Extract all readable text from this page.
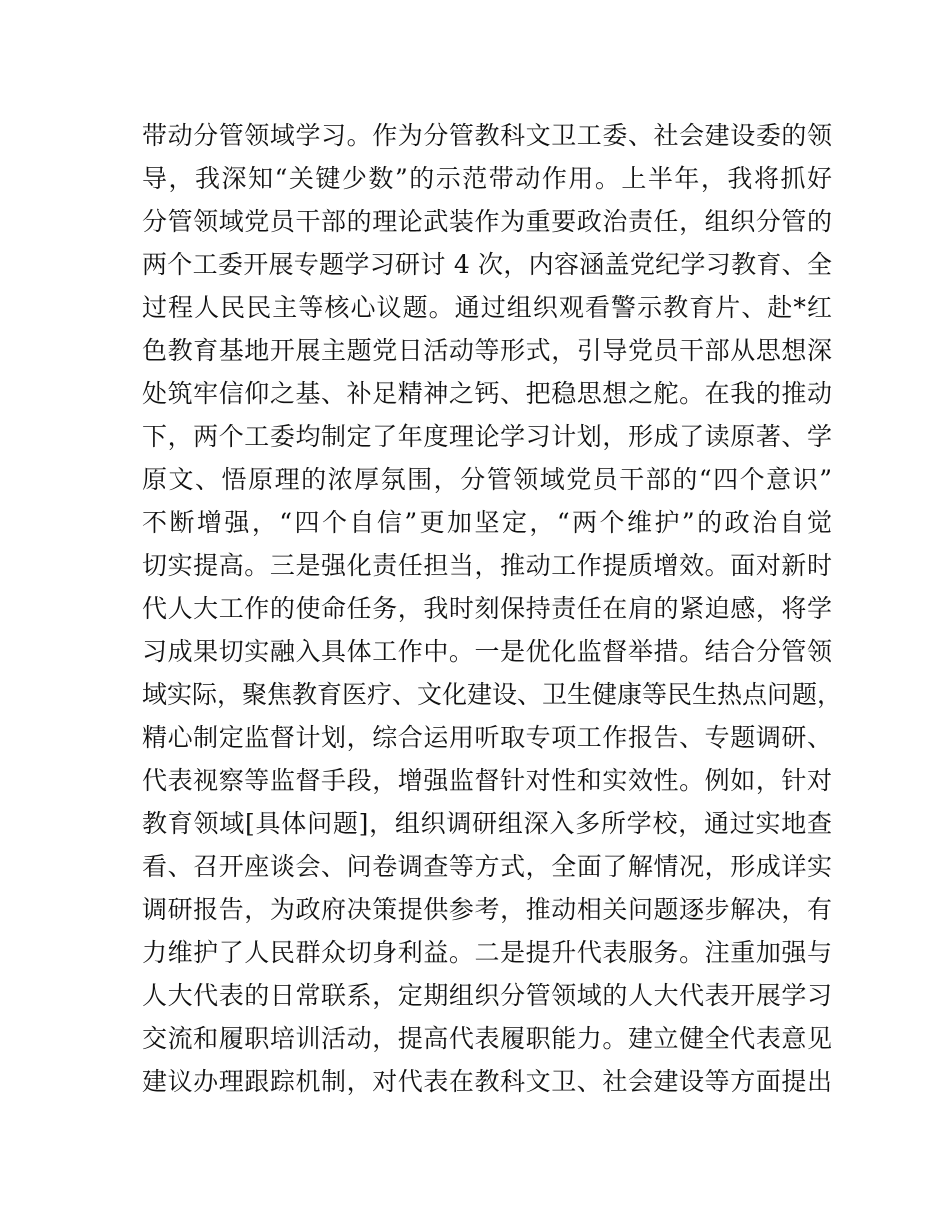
带动分管领域学习。作为分管教科文卫工委、社会建设委的领
导，我深知“关键少数”的示范带动作用。上半年，我将抓好
分管领域党员干部的理论武装作为重要政治责任，组织分管的
两个工委开展专题学习研讨 4 次，内容涵盖党纪学习教育、全
过程人民民主等核心议题。通过组织观看警示教育片、赴*红
色教育基地开展主题党日活动等形式，引导党员干部从思想深
处筑牢信仰之基、补足精神之钙、把稳思想之舵。在我的推动
下，两个工委均制定了年度理论学习计划，形成了读原著、学
原文、悟原理的浓厚氛围，分管领域党员干部的“四个意识”
不断增强，“四个自信”更加坚定，“两个维护”的政治自觉
切实提高。三是强化责任担当，推动工作提质增效。面对新时
代人大工作的使命任务，我时刻保持责任在肩的紧迫感，将学
习成果切实融入具体工作中。一是优化监督举措。结合分管领
域实际，聚焦教育医疗、文化建设、卫生健康等民生热点问题，
精心制定监督计划，综合运用听取专项工作报告、专题调研、
代表视察等监督手段，增强监督针对性和实效性。例如，针对
教育领域[具体问题]，组织调研组深入多所学校，通过实地查
看、召开座谈会、问卷调查等方式，全面了解情况，形成详实
调研报告，为政府决策提供参考，推动相关问题逐步解决，有
力维护了人民群众切身利益。二是提升代表服务。注重加强与
人大代表的日常联系，定期组织分管领域的人大代表开展学习
交流和履职培训活动，提高代表履职能力。建立健全代表意见
建议办理跟踪机制，对代表在教科文卫、社会建设等方面提出
